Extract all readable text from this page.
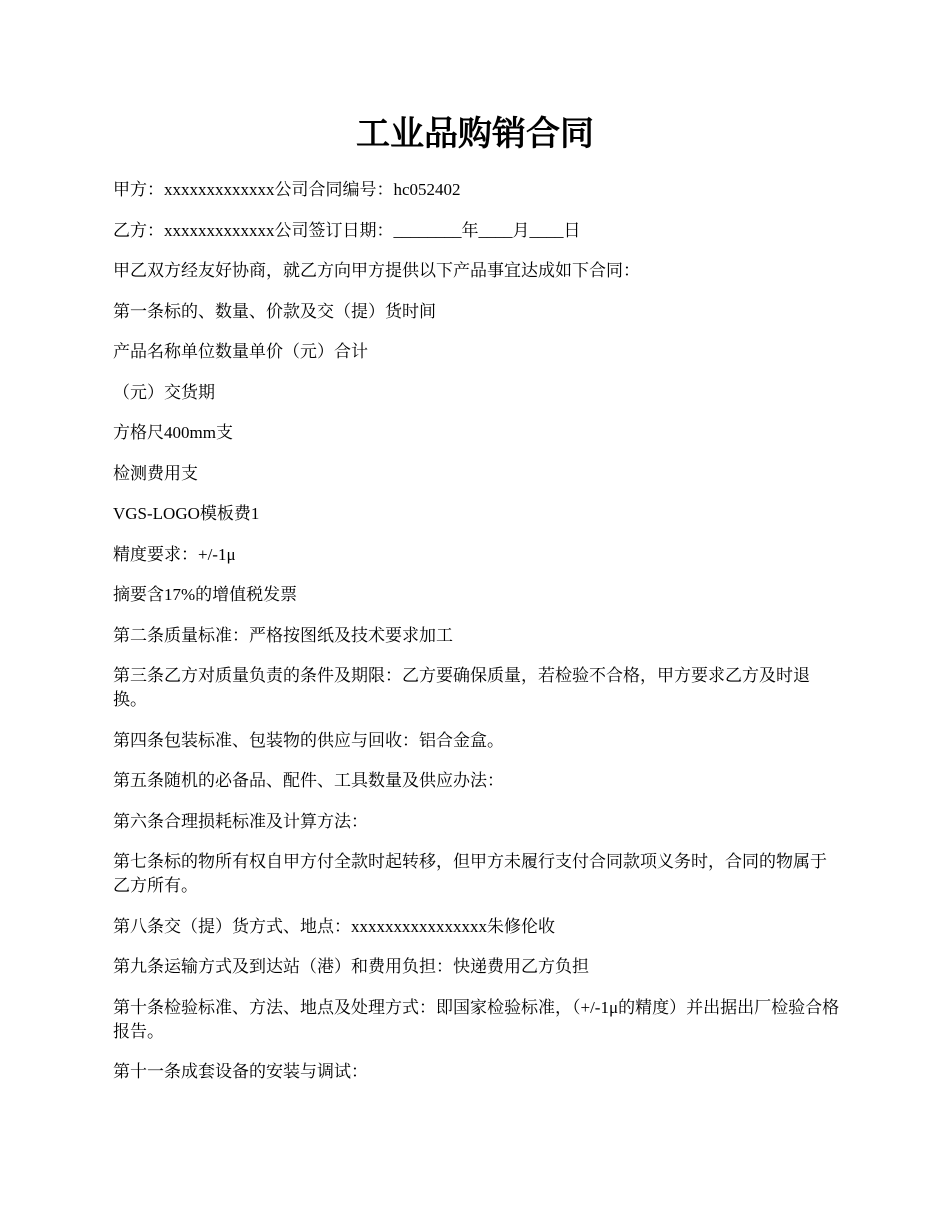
工业品购销合同

甲方：xxxxxxxxxxxxx公司合同编号：hc052402

乙方：xxxxxxxxxxxxx公司签订日期：________年____月____日

甲乙双方经友好协商，就乙方向甲方提供以下产品事宜达成如下合同：

第一条标的、数量、价款及交（提）货时间

产品名称单位数量单价（元）合计

（元）交货期

方格尺400mm支

检测费用支

VGS-LOGO模板费1

精度要求：+/-1μ

摘要含17%的增值税发票

第二条质量标准：严格按图纸及技术要求加工

第三条乙方对质量负责的条件及期限：乙方要确保质量，若检验不合格，甲方要求乙方及时退换。

第四条包装标准、包装物的供应与回收：铝合金盒。

第五条随机的必备品、配件、工具数量及供应办法：

第六条合理损耗标准及计算方法：

第七条标的物所有权自甲方付全款时起转移，但甲方未履行支付合同款项义务时，合同的物属于乙方所有。

第八条交（提）货方式、地点：xxxxxxxxxxxxxxxx朱修伦收

第九条运输方式及到达站（港）和费用负担：快递费用乙方负担

第十条检验标准、方法、地点及处理方式：即国家检验标准，（+/-1μ的精度）并出据出厂检验合格报告。

第十一条成套设备的安装与调试：
